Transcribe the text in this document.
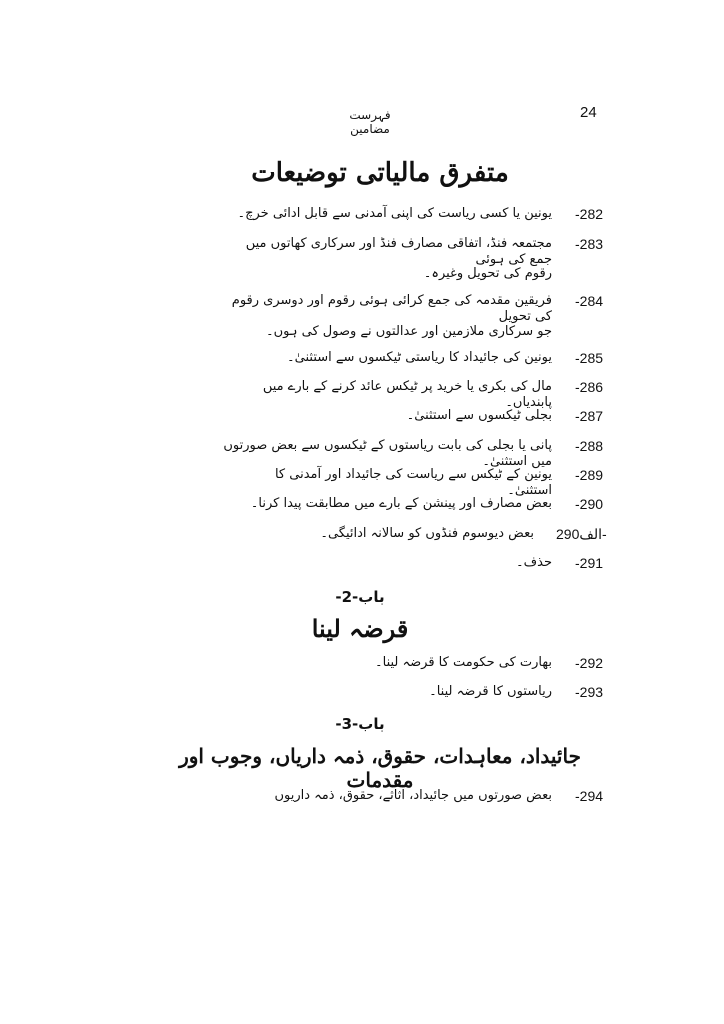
24
فہرست مضامین
متفرق مالیاتی توضیعات
-282
یونین یا کسی ریاست کی اپنی آمدنی سے قابل ادائی خرچ۔
-283
مجتمعہ فنڈ، اتفاقی مصارف فنڈ اور سرکاری کھاتوں میں جمع کی ہوئی
رقوم کی تحویل وغیرہ۔
-284
فریقین مقدمہ کی جمع کرائی ہوئی رقوم اور دوسری رقوم کی تحویل
جو سرکاری ملازمین اور عدالتوں نے وصول کی ہوں۔
-285
یونین کی جائیداد کا ریاستی ٹیکسوں سے استثنیٰ۔
-286
مال کی بکری یا خرید پر ٹیکس عائد کرنے کے بارے میں پابندیاں۔
-287
بجلی ٹیکسوں سے استثنیٰ۔
-288
پانی یا بجلی کی بابت ریاستوں کے ٹیکسوں سے بعض صورتوں میں استثنیٰ۔
-289
یونین کے ٹیکس سے ریاست کی جائیداد اور آمدنی کا استثنیٰ۔
-290
بعض مصارف اور پینشن کے بارے میں مطابقت پیدا کرنا۔
290الف-
بعض دیوسوم فنڈوں کو سالانہ ادائیگی۔
-291
حذف۔
باب-2-
قرضہ لینا
-292
بھارت کی حکومت کا قرضہ لینا۔
-293
ریاستوں کا قرضہ لینا۔
باب-3-
جائیداد، معاہدات، حقوق، ذمہ داریاں، وجوب اور مقدمات
-294
بعض صورتوں میں جائیداد، اثاثے، حقوق، ذمہ داریوں
